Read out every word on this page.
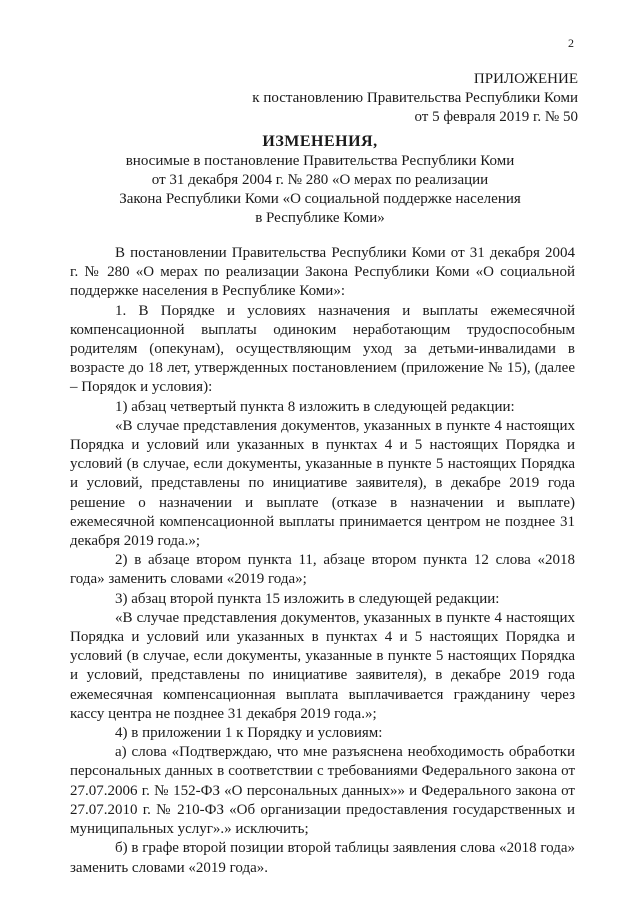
2
ПРИЛОЖЕНИЕ
к постановлению Правительства Республики Коми
от 5 февраля 2019 г. № 50
ИЗМЕНЕНИЯ,
вносимые в постановление Правительства Республики Коми
от 31 декабря 2004 г. № 280 «О мерах по реализации
Закона Республики Коми «О социальной поддержке населения
в Республике Коми»

В постановлении Правительства Республики Коми от 31 декабря 2004 г. № 280 «О мерах по реализации Закона Республики Коми «О социальной поддержке населения в Республике Коми»:

1. В Порядке и условиях назначения и выплаты ежемесячной компенсационной выплаты одиноким неработающим трудоспособным родителям (опекунам), осуществляющим уход за детьми-инвалидами в возрасте до 18 лет, утвержденных постановлением (приложение № 15), (далее – Порядок и условия):

1) абзац четвертый пункта 8 изложить в следующей редакции:

«В случае представления документов, указанных в пункте 4 настоящих Порядка и условий или указанных в пунктах 4 и 5 настоящих Порядка и условий (в случае, если документы, указанные в пункте 5 настоящих Порядка и условий, представлены по инициативе заявителя), в декабре 2019 года решение о назначении и выплате (отказе в назначении и выплате) ежемесячной компенсационной выплаты принимается центром не позднее 31 декабря 2019 года.»;

2) в абзаце втором пункта 11, абзаце втором пункта 12 слова «2018 года» заменить словами «2019 года»;

3) абзац второй пункта 15 изложить в следующей редакции:

«В случае представления документов, указанных в пункте 4 настоящих Порядка и условий или указанных в пунктах 4 и 5 настоящих Порядка и условий (в случае, если документы, указанные в пункте 5 настоящих Порядка и условий, представлены по инициативе заявителя), в декабре 2019 года ежемесячная компенсационная выплата выплачивается гражданину через кассу центра не позднее 31 декабря 2019 года.»;

4) в приложении 1 к Порядку и условиям:

а) слова «Подтверждаю, что мне разъяснена необходимость обработки персональных данных в соответствии с требованиями Федерального закона от 27.07.2006 г. № 152-ФЗ «О персональных данных»» и Федерального закона от 27.07.2010 г. № 210-ФЗ «Об организации предоставления государственных и муниципальных услуг».» исключить;

б) в графе второй позиции второй таблицы заявления слова «2018 года» заменить словами «2019 года».
